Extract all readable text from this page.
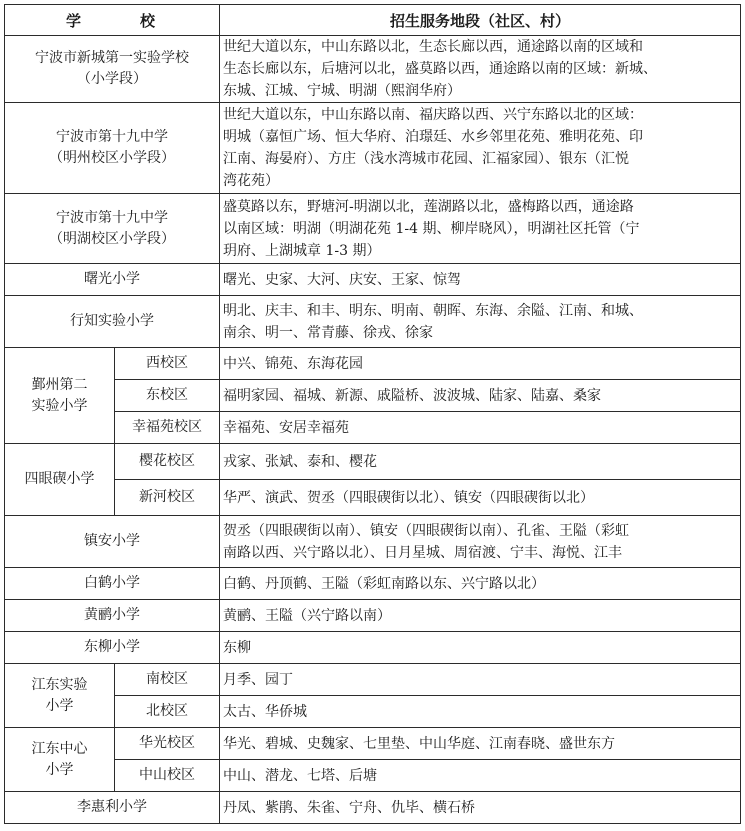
学　校		招生服务地段（社区、村）
宁波市新城第一实验学校
（小学段）		世纪大道以东，中山东路以北，生态长廊以西，通途路以南的区域和
生态长廊以东，后塘河以北，盛莫路以西，通途路以南的区域：新城、
东城、江城、宁城、明湖（熙润华府）
宁波市第十九中学
（明州校区小学段）		世纪大道以东，中山东路以南、福庆路以西、兴宁东路以北的区域：
明城（嘉恒广场、恒大华府、泊璟廷、水乡邻里花苑、雅明花苑、印
江南、海晏府）、方庄（浅水湾城市花园、汇福家园）、银东（汇悦
湾花苑）
宁波市第十九中学
（明湖校区小学段）		盛莫路以东，野塘河-明湖以北，莲湖路以北，盛梅路以西，通途路
以南区域：明湖（明湖花苑 1-4 期、柳岸晓风），明湖社区托管（宁
玥府、上湖城章 1-3 期）
曙光小学		曙光、史家、大河、庆安、王家、惊驾
行知实验小学		明北、庆丰、和丰、明东、明南、朝晖、东海、余隘、江南、和城、
南余、明一、常青藤、徐戎、徐家
鄞州第二
实验小学	西校区	中兴、锦苑、东海花园
	东校区	福明家园、福城、新源、戚隘桥、波波城、陆家、陆嘉、桑家
	幸福苑校区	幸福苑、安居幸福苑
四眼碶小学	樱花校区	戎家、张斌、泰和、樱花
	新河校区	华严、演武、贺丞（四眼碶街以北）、镇安（四眼碶街以北）
镇安小学		贺丞（四眼碶街以南）、镇安（四眼碶街以南）、孔雀、王隘（彩虹
南路以西、兴宁路以北）、日月星城、周宿渡、宁丰、海悦、江丰
白鹤小学		白鹤、丹顶鹤、王隘（彩虹南路以东、兴宁路以北）
黄鹂小学		黄鹂、王隘（兴宁路以南）
东柳小学		东柳
江东实验
小学	南校区	月季、园丁
	北校区	太古、华侨城
江东中心
小学	华光校区	华光、碧城、史魏家、七里垫、中山华庭、江南春晓、盛世东方
	中山校区	中山、潜龙、七塔、后塘
李惠利小学		丹凤、紫鹃、朱雀、宁舟、仇毕、横石桥
